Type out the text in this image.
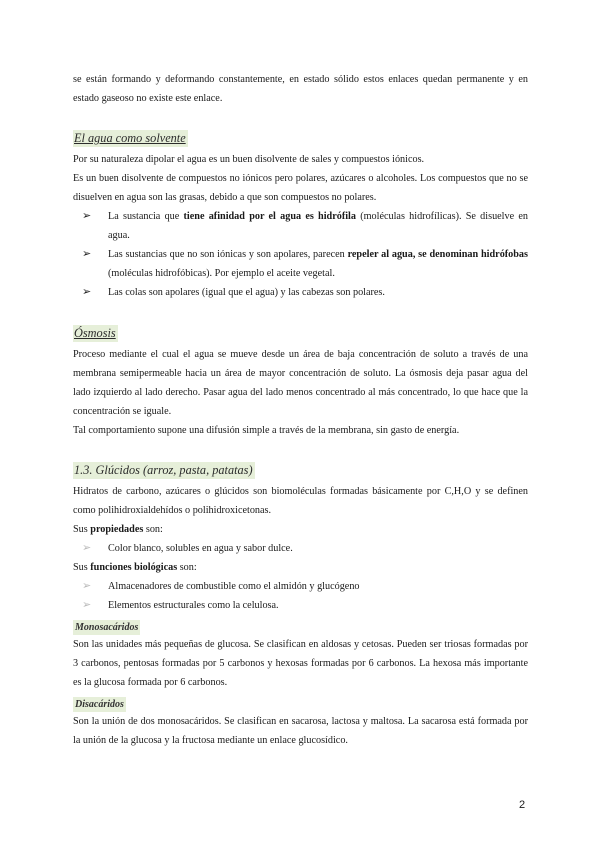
se están formando y deformando constantemente, en estado sólido estos enlaces quedan permanente y en estado gaseoso no existe este enlace.

El agua como solvente

Por su naturaleza dipolar el agua es un buen disolvente de sales y compuestos iónicos.

Es un buen disolvente de compuestos no iónicos pero polares, azúcares o alcoholes. Los compuestos que no se disuelven en agua son las grasas, debido a que son compuestos no polares.

➢ La sustancia que tiene afinidad por el agua es hidrófila (moléculas hidrofílicas). Se disuelve en agua.
➢ Las sustancias que no son iónicas y son apolares, parecen repeler al agua, se denominan hidrófobas (moléculas hidrofóbicas). Por ejemplo el aceite vegetal.
➢ Las colas son apolares (igual que el agua) y las cabezas son polares.
Ósmosis

Proceso mediante el cual el agua se mueve desde un área de baja concentración de soluto a través de una membrana semipermeable hacia un área de mayor concentración de soluto. La ósmosis deja pasar agua del lado izquierdo al lado derecho. Pasar agua del lado menos concentrado al más concentrado, lo que hace que la concentración se iguale.

Tal comportamiento supone una difusión simple a través de la membrana, sin gasto de energía.

1.3. Glúcidos (arroz, pasta, patatas)

Hidratos de carbono, azúcares o glúcidos son biomoléculas formadas básicamente por C,H,O y se definen como polihidroxialdehídos o polihidroxicetonas.

Sus propiedades son:

➢ Color blanco, solubles en agua y sabor dulce.

Sus funciones biológicas son:

➢ Almacenadores de combustible como el almidón y glucógeno
➢ Elementos estructurales como la celulosa.
Monosacáridos

Son las unidades más pequeñas de glucosa. Se clasifican en aldosas y cetosas. Pueden ser triosas formadas por 3 carbonos, pentosas formadas por 5 carbonos y hexosas formadas por 6 carbonos. La hexosa más importante es la glucosa formada por 6 carbonos.

Disacáridos

Son la unión de dos monosacáridos. Se clasifican en sacarosa, lactosa y maltosa. La sacarosa está formada por la unión de la glucosa y la fructosa mediante un enlace glucosídico.

2
